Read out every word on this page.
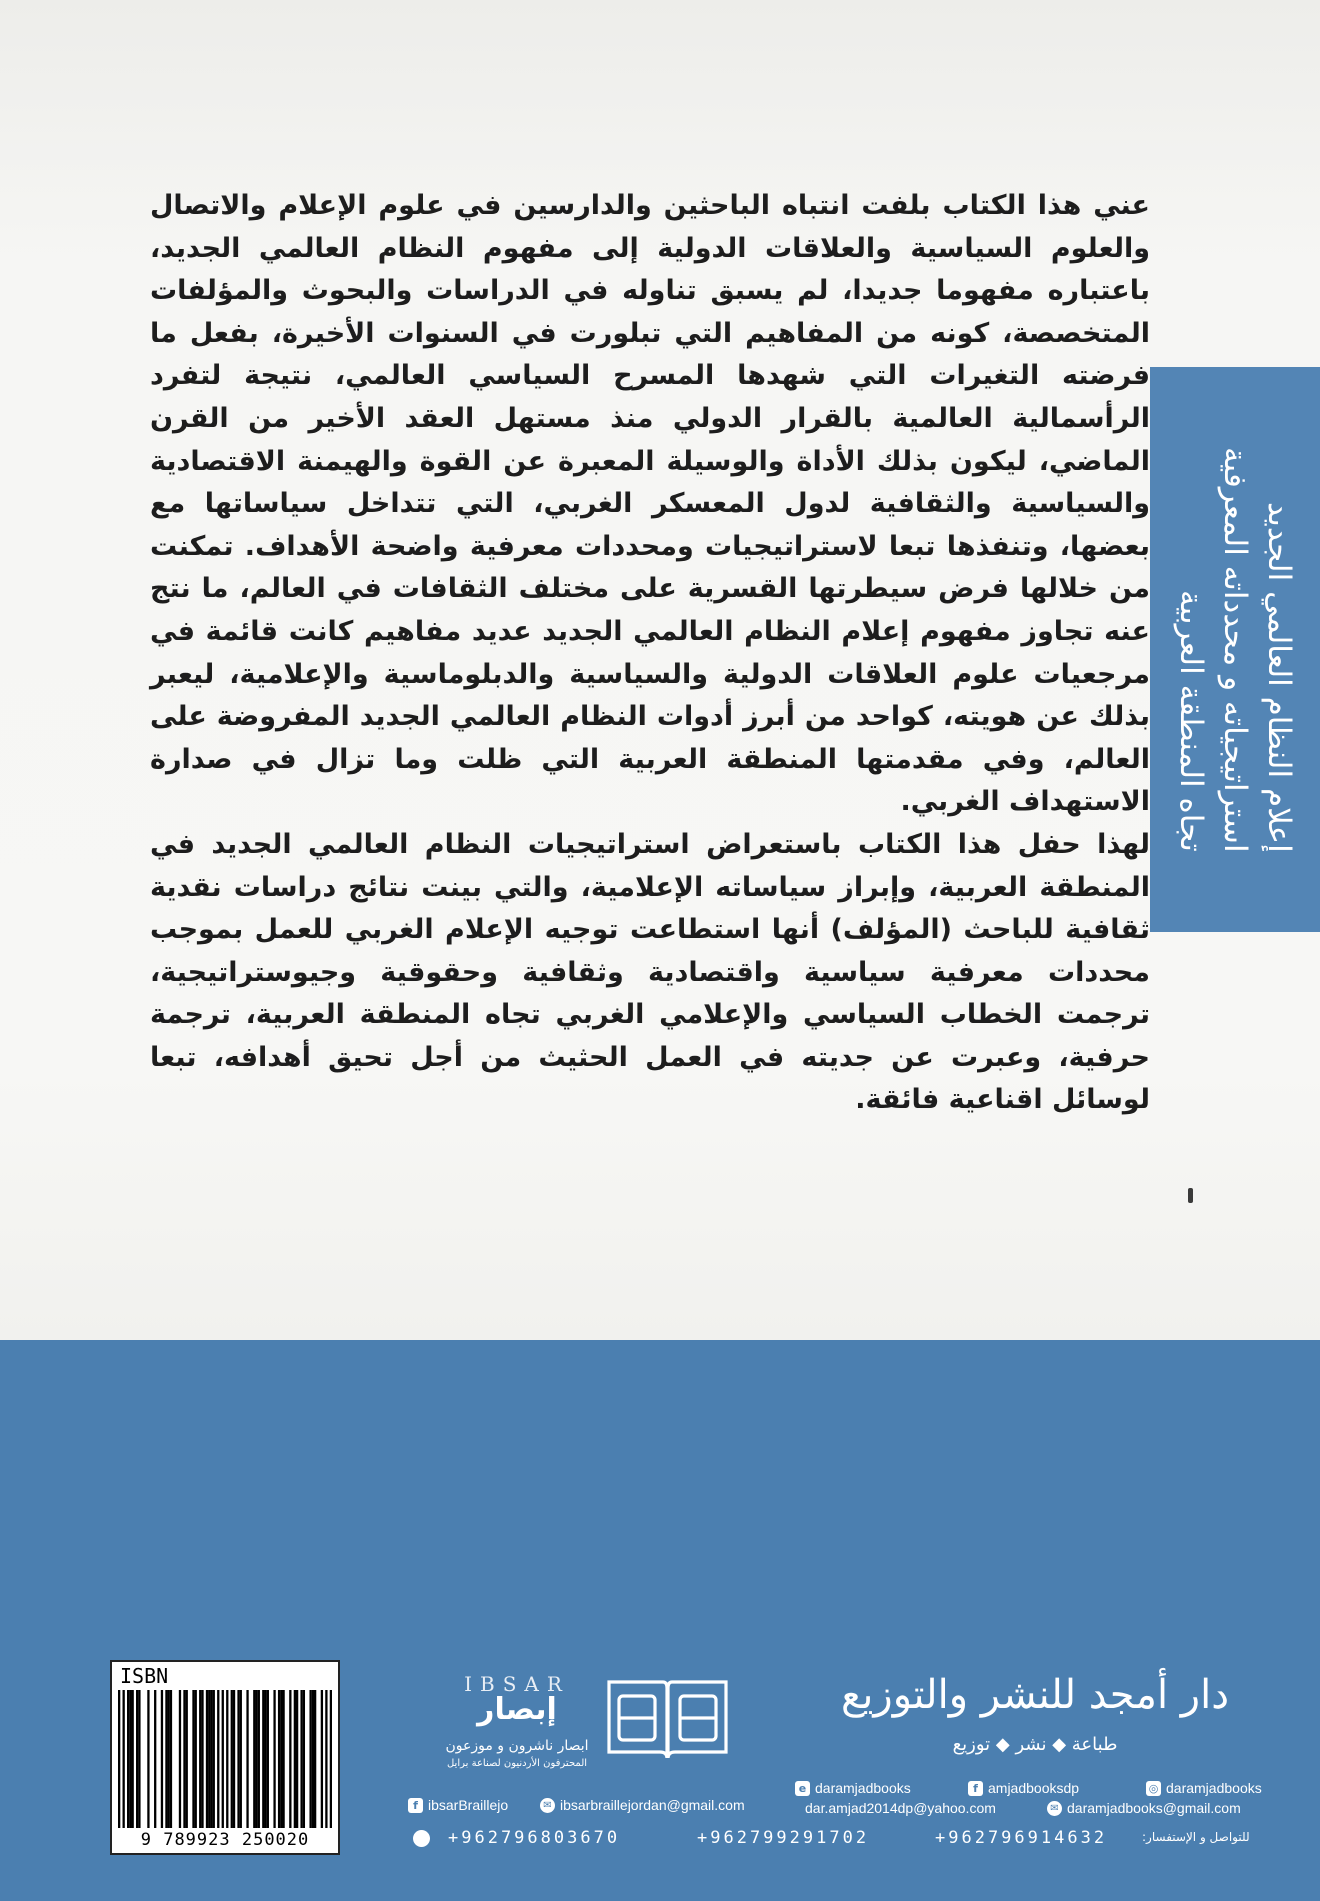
عني هذا الكتاب بلفت انتباه الباحثين والدارسين في علوم الإعلام والاتصال والعلوم السياسية والعلاقات الدولية إلى مفهوم النظام العالمي الجديد، باعتباره مفهوما جديدا، لم يسبق تناوله في الدراسات والبحوث والمؤلفات المتخصصة، كونه من المفاهيم التي تبلورت في السنوات الأخيرة، بفعل ما فرضته التغيرات التي شهدها المسرح السياسي العالمي، نتيجة لتفرد الرأسمالية العالمية بالقرار الدولي منذ مستهل العقد الأخير من القرن الماضي، ليكون بذلك الأداة والوسيلة المعبرة عن القوة والهيمنة الاقتصادية والسياسية والثقافية لدول المعسكر الغربي، التي تتداخل سياساتها مع بعضها، وتنفذها تبعا لاستراتيجيات ومحددات معرفية واضحة الأهداف. تمكنت من خلالها فرض سيطرتها القسرية على مختلف الثقافات في العالم، ما نتج عنه تجاوز مفهوم إعلام النظام العالمي الجديد عديد مفاهيم كانت قائمة في مرجعيات علوم العلاقات الدولية والسياسية والدبلوماسية والإعلامية، ليعبر بذلك عن هويته، كواحد من أبرز أدوات النظام العالمي الجديد المفروضة على العالم، وفي مقدمتها المنطقة العربية التي ظلت وما تزال في صدارة الاستهداف الغربي.

لهذا حفل هذا الكتاب باستعراض استراتيجيات النظام العالمي الجديد في المنطقة العربية، وإبراز سياساته الإعلامية، والتي بينت نتائج دراسات نقدية ثقافية للباحث (المؤلف) أنها استطاعت توجيه الإعلام الغربي للعمل بموجب محددات معرفية سياسية واقتصادية وثقافية وحقوقية وجيوستراتيجية، ترجمت الخطاب السياسي والإعلامي الغربي تجاه المنطقة العربية، ترجمة حرفية، وعبرت عن جديته في العمل الحثيث من أجل تحيق أهدافه، تبعا لوسائل اقناعية فائقة.

إعلام النظام العالمي الجديد
استراتيجياته و محدداته المعرفية
تجاه المنطقة العربية
ISBN
9 789923 250020
IBSAR
إبصار
ابصار ناشرون و موزعون
المحترفون الأردنيون لصناعة برايل
دار أمجد للنشر والتوزيع
طباعة ◆ نشر ◆ توزيع
f ibsarBraillejo	✉ ibsarbraillejordan@gmail.com
e daramjadbooks	f amjadbooksdp	◎ daramjadbooks
dar.amjad2014dp@yahoo.com	✉ daramjadbooks@gmail.com
+962796803670	+962799291702	+962796914632	للتواصل و الإستفسار:
